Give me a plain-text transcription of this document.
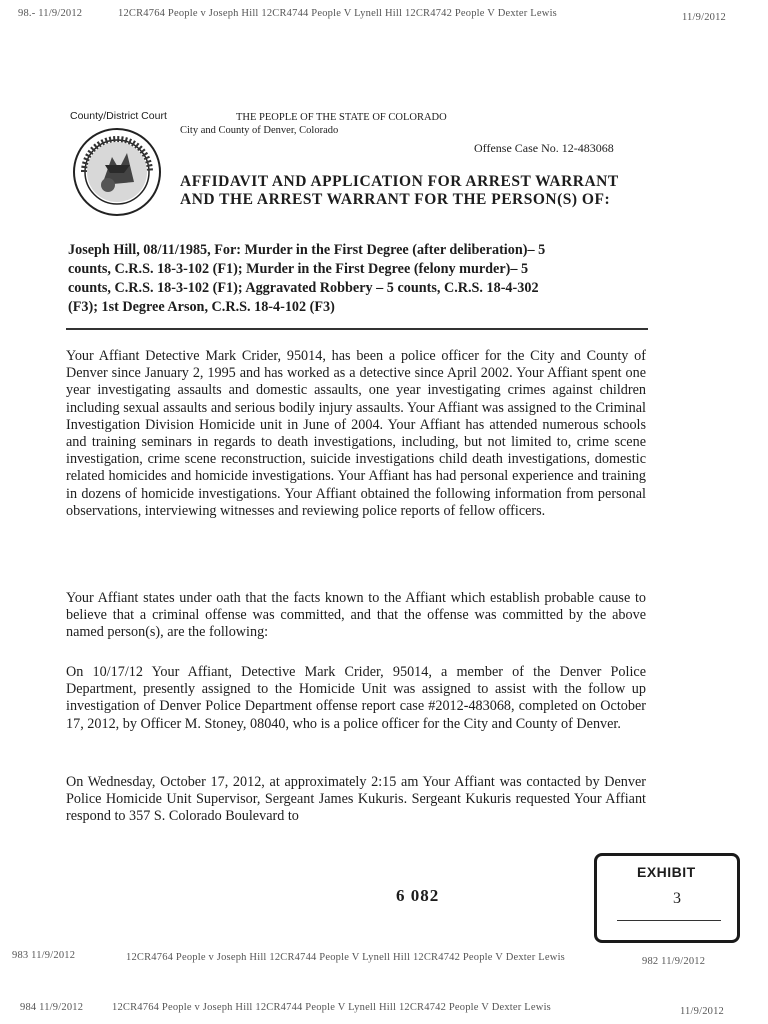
98.- 11/9/2012	12CR4764 People v Joseph Hill 12CR4744 People V Lynell Hill 12CR4742 People V Dexter Lewis	11/9/2012
County/District Court	THE PEOPLE OF THE STATE OF COLORADO
City and County of Denver, Colorado
Offense Case No. 12-483068
AFFIDAVIT AND APPLICATION FOR ARREST WARRANT
AND THE ARREST WARRANT FOR THE PERSON(S) OF:
Joseph Hill, 08/11/1985, For: Murder in the First Degree (after deliberation)– 5
counts, C.R.S. 18-3-102 (F1); Murder in the First Degree (felony murder)– 5
counts, C.R.S. 18-3-102 (F1); Aggravated Robbery – 5 counts, C.R.S. 18-4-302
(F3); 1st Degree Arson, C.R.S. 18-4-102 (F3)
Your Affiant Detective Mark Crider, 95014, has been a police officer for the City and County of Denver since January 2, 1995 and has worked as a detective since April 2002. Your Affiant spent one year investigating assaults and domestic assaults, one year investigating crimes against children including sexual assaults and serious bodily injury assaults. Your Affiant was assigned to the Criminal Investigation Division Homicide unit in June of 2004. Your Affiant has attended numerous schools and training seminars in regards to death investigations, including, but not limited to, crime scene investigation, crime scene reconstruction, suicide investigations child death investigations, domestic related homicides and homicide investigations. Your Affiant has had personal experience and training in dozens of homicide investigations. Your Affiant obtained the following information from personal observations, interviewing witnesses and reviewing police reports of fellow officers.
Your Affiant states under oath that the facts known to the Affiant which establish probable cause to believe that a criminal offense was committed, and that the offense was committed by the above named person(s), are the following:
On 10/17/12 Your Affiant, Detective Mark Crider, 95014, a member of the Denver Police Department, presently assigned to the Homicide Unit was assigned to assist with the follow up investigation of Denver Police Department offense report case #2012-483068, completed on October 17, 2012, by Officer M. Stoney, 08040, who is a police officer for the City and County of Denver.
On Wednesday, October 17, 2012, at approximately 2:15 am Your Affiant was contacted by Denver Police Homicide Unit Supervisor, Sergeant James Kukuris. Sergeant Kukuris requested Your Affiant respond to 357 S. Colorado Boulevard to
6 082
EXHIBIT
3
983 11/9/2012	12CR4764 People v Joseph Hill 12CR4744 People V Lynell Hill 12CR4742 People V Dexter Lewis	982 11/9/2012
984 11/9/2012	12CR4764 People v Joseph Hill 12CR4744 People V Lynell Hill 12CR4742 People V Dexter Lewis	11/9/2012
